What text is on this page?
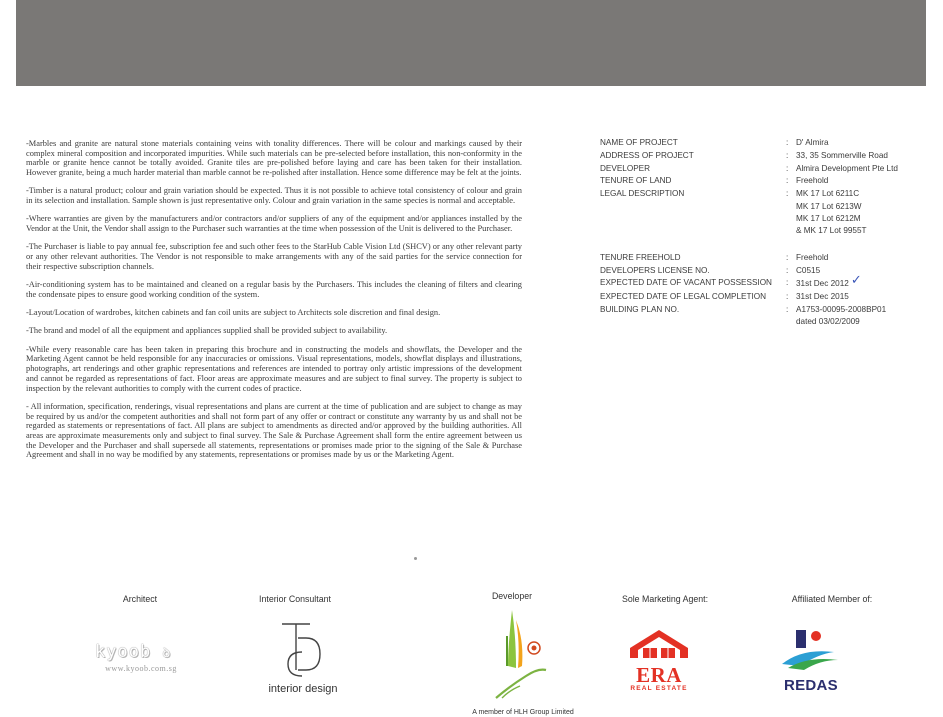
-Marbles and granite are natural stone materials containing veins with tonality differences. There will be colour and markings caused by their complex mineral composition and incorporated impurities. While such materials can be pre-selected before installation, this non-conformity in the marble or granite hence cannot be totally avoided. Granite tiles are pre-polished before laying and care has been taken for their installation. However granite, being a much harder material than marble cannot be re-polished after installation. Hence some difference may be felt at the joints.

-Timber is a natural product; colour and grain variation should be expected. Thus it is not possible to achieve total consistency of colour and grain in its selection and installation. Sample shown is just representative only. Colour and grain variation in the same species is normal and acceptable.

-Where warranties are given by the manufacturers and/or contractors and/or suppliers of any of the equipment and/or appliances installed by the Vendor at the Unit, the Vendor shall assign to the Purchaser such warranties at the time when possession of the Unit is delivered to the Purchaser.

-The Purchaser is liable to pay annual fee, subscription fee and such other fees to the StarHub Cable Vision Ltd (SHCV) or any other relevant party or any other relevant authorities. The Vendor is not responsible to make arrangements with any of the said parties for the service connection for their respective subscription channels.

-Air-conditioning system has to be maintained and cleaned on a regular basis by the Purchasers. This includes the cleaning of filters and clearing the condensate pipes to ensure good working condition of the system.

-Layout/Location of wardrobes, kitchen cabinets and fan coil units are subject to Architects sole discretion and final design.

-The brand and model of all the equipment and appliances supplied shall be provided subject to availability.

-While every reasonable care has been taken in preparing this brochure and in constructing the models and showflats, the Developer and the Marketing Agent cannot be held responsible for any inaccuracies or omissions. Visual representations, models, showflat displays and illustrations, photographs, art renderings and other graphic representations and references are intended to portray only artistic impressions of the development and cannot be regarded as representations of fact. Floor areas are approximate measures and are subject to final survey. The property is subject to inspection by the relevant authorities to comply with the current codes of practice.

- All information, specification, renderings, visual representations and plans are current at the time of publication and are subject to change as may be required by us and/or the competent authorities and shall not form part of any offer or contract or constitute any warranty by us and shall not be regarded as statements or representations of fact. All plans are subject to amendments as directed and/or approved by the building authorities. All areas are approximate measurements only and subject to final survey. The Sale & Purchase Agreement shall form the entire agreement between us the Developer and the Purchaser and shall supersede all statements, representations or promises made prior to the signing of the Sale & Purchase Agreement and shall in no way be modified by any statements, representations or promises made by us or the Marketing Agent.

NAME OF PROJECT	: D' Almira
ADDRESS OF PROJECT	: 33, 35 Sommerville Road
DEVELOPER	: Almira Development Pte Ltd
TENURE OF LAND	: Freehold
LEGAL DESCRIPTION	: MK 17 Lot 6211C
MK 17 Lot 6213W
MK 17 Lot 6212M
& MK 17 Lot 9955T
TENURE FREEHOLD	: Freehold
DEVELOPERS LICENSE NO.	: C0515
EXPECTED DATE OF VACANT POSSESSION	: 31st Dec 2012 ✓
EXPECTED DATE OF LEGAL COMPLETION	: 31st Dec 2015
BUILDING PLAN NO.	: A1753-00095-2008BP01
dated 03/02/2009
Architect
kyoob ꝺ
www.kyoob.com.sg
Interior Consultant
interior design
Developer
A member of HLH Group Limited
Sole Marketing Agent:
ERA
REAL ESTATE
Affiliated Member of:
REDAS
